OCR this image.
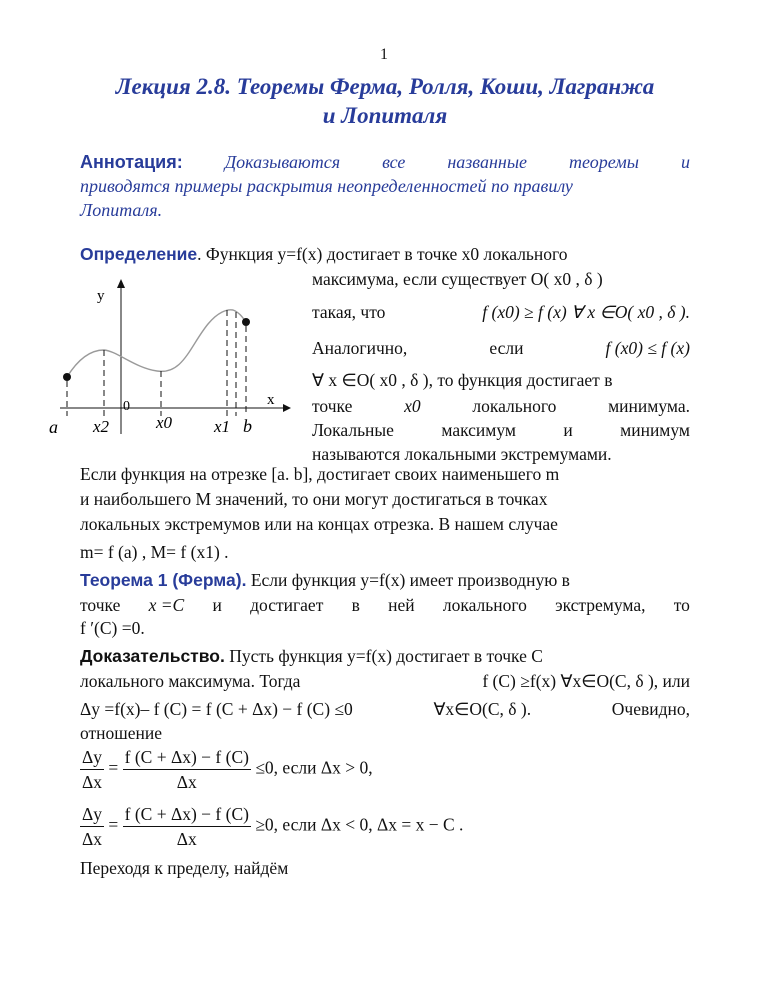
1
Лекция 2.8. Теоремы Ферма, Ролля, Коши, Лагранжа
и Лопиталя
Аннотация: Доказываются все названные теоремы и
приводятся примеры раскрытия неопределенностей по правилу
Лопиталя.
Определение. Функция y=f(x) достигает в точке x0 локального
максимума, если существует O( x0 , δ )
такая, что	f (x0) ≥ f (x) ∀ x ∈O( x0 , δ ).
Аналогично,	если	f (x0) ≤ f (x)
∀ x ∈O( x0 , δ ), то функция достигает в
точке	x0	локального	минимума.
Локальные	максимум	и	минимум
называются локальными экстремумами.
y
x
0
a x2	x0 x1 b
Если функция на отрезке [a. b], достигает своих наименьшего m
и наибольшего M значений, то они могут достигаться в точках
локальных экстремумов или на концах отрезка. В нашем случае
m= f (a) , M= f (x1) .
Теорема 1 (Ферма). Если функция y=f(x) имеет производную в
точке x =C и достигает в ней локального экстремума, то
f ′(C) =0.
Доказательство. Пусть функция y=f(x) достигает в точке C
локального максимума. Тогда	f (C) ≥f(x) ∀x∈O(C, δ ), или
Δy =f(x)– f (C) = f (C + Δx) − f (C) ≤0	∀x∈O(C, δ ).	Очевидно,
отношение
$\frac{\Delta y}{\Delta x} = \frac{f (C + \Delta x) - f (C)}{\Delta x} \le 0$, если Δx > 0,
$\frac{\Delta y}{\Delta x} = \frac{f (C + \Delta x) - f (C)}{\Delta x} \ge 0$, если Δx < 0, Δx = x − C .
Переходя к пределу, найдём
